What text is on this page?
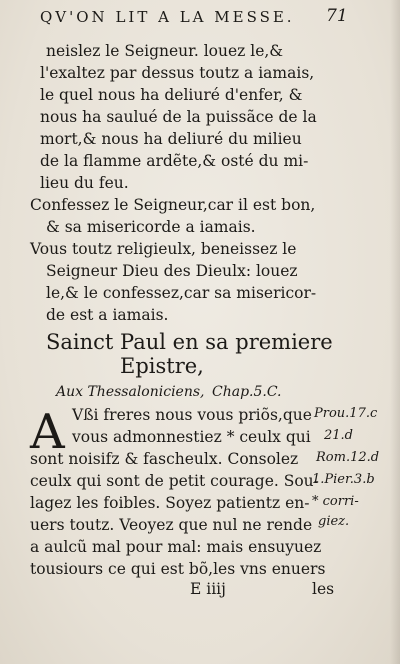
QV'ON LIT A LA MESSE. 71
neislez le Seigneur. louez le,&
l'exaltez par dessus toutz a iamais,
le quel nous ha deliuré d'enfer, &
nous ha saulué de la puissãce de la
mort,& nous ha deliuré du milieu
de la flamme ardẽte,& osté du mi-
lieu du feu.
Confessez le Seigneur,car il est bon,
& sa misericorde a iamais.
Vous toutz religieulx, beneissez le
Seigneur Dieu des Dieulx: louez
le,& le confessez,car sa misericor-
de est a iamais.
Sainct Paul en sa premiere
Epistre,
Aux Thessaloniciens, Chap.5.C.
A Vßi freres nous vous priõs,que
vous admonnestiez * ceulx qui
sont noisifz & fascheulx. Consolez
ceulx qui sont de petit courage. Sou-
lagez les foibles. Soyez patientz en-
uers toutz. Veoyez que nul ne rende
a aulcũ mal pour mal: mais ensuyuez
tousiours ce qui est bõ,les vns enuers
Prou.17.c
21.d
Rom.12.d
1.Pier.3.b
* corri-
giez.
E iiij	les
